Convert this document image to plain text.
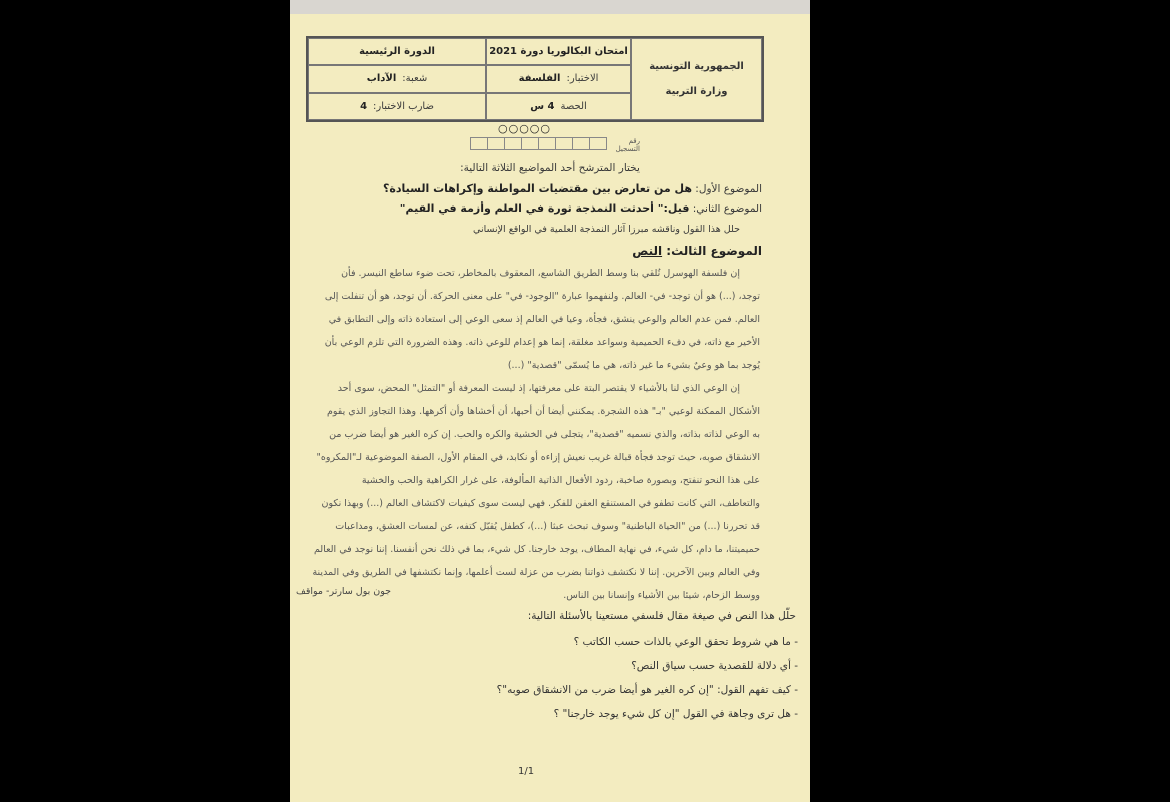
الدورة الرئيسية
شعبة:
الآداب
ضارب الاختبار:
4
امتحان البكالوريا دورة 2021
الاختبار:
الفلسفة
الحصة
4 س
الجمهورية التونسية
وزارة التربية
○○○○○
رقم التسجيل
يختار المترشح أحد المواضيع الثلاثة التالية:
الموضوع الأول: هل من تعارض بين مقتضيات المواطنة وإكراهات السيادة؟
الموضوع الثاني: قيل:" أحدثت النمذجة ثورة في العلم وأزمة في القيم"
حلل هذا القول وناقشه مبرزا آثار النمذجة العلمية في الواقع الإنساني
الموضوع الثالث: النص
إن فلسفة الهوسرل تُلقي بنا وسط الطريق الشاسع، المعقوف بالمخاطر، تحت ضوء ساطع النيسر. فأن
توجد، (...) هو أن توجد- في- العالم. ولنفهموا عبارة "الوجود- في" على معنى الحركة. أن توجد، هو أن تنفلت إلى
العالم. فمن عدم العالم والوعي ينشق، فجأة، وعيا في العالم إذ سعى الوعي إلى استعادة ذاته وإلى التطابق في
الأخير مع ذاته، في دفء الحميمية وسواعد مغلقة، إنما هو إعدام للوعي ذاته. وهذه الضرورة التي تلزم الوعي بأن
يُوجد بما هو وعيٌ بشيء ما غير ذاته، هي ما يُسمّى "قصدية" (...)
إن الوعي الذي لنا بالأشياء لا يقتصر البتة على معرفتها، إذ ليست المعرفة أو "التمثل" المحض، سوى أحد
الأشكال الممكنة لوعيي "بـ" هذه الشجرة. يمكنني أيضا أن أحبها، أن أخشاها وأن أكرهها. وهذا التجاوز الذي يقوم
به الوعي لذاته بذاته، والذي نسميه "قصدية"، يتجلى في الخشية والكره والحب. إن كره الغير هو أيضا ضرب من
الانشقاق صوبه، حيث توجد فجأة قبالة غريب نعيش إزاءه أو نكابد، في المقام الأول، الصفة الموضوعية لـ"المكروه"
على هذا النحو تنفتح، وبصورة صاخبة، ردود الأفعال الذاتية المألوفة، على غرار الكراهية والحب والخشية
والتعاطف، التي كانت تطفو في المستنقع العفن للفكر. فهي ليست سوى كيفيات لاكتشاف العالم (...) وبهذا نكون
قد تحررنا (...) من "الحياة الباطنية" وسوف تبحث عبثا (...)، كطفل يُقبّل كتفه، عن لمسات العشق، ومداعبات
حميميتنا، ما دام، كل شيء، في نهاية المطاف، يوجد خارجنا. كل شيء، بما في ذلك نحن أنفسنا. إننا نوجد في العالم
وفي العالم وبين الآخرين. إننا لا نكتشف ذواتنا بضرب من عزلة لست أعلمها، وإنما نكتشفها في الطريق وفي المدينة
ووسط الزحام، شيئا بين الأشياء وإنسانا بين الناس.
جون بول سارتر- مواقف
حلّل هذا النص في صيغة مقال فلسفي مستعينا بالأسئلة التالية:
- ما هي شروط تحقق الوعي بالذات حسب الكاتب ؟
- أي دلالة للقصدية حسب سياق النص؟
- كيف تفهم القول: "إن كره الغير هو أيضا ضرب من الانشقاق صوبه"؟
- هل ترى وجاهة في القول "إن كل شيء يوجد خارجنا" ؟
1/1
